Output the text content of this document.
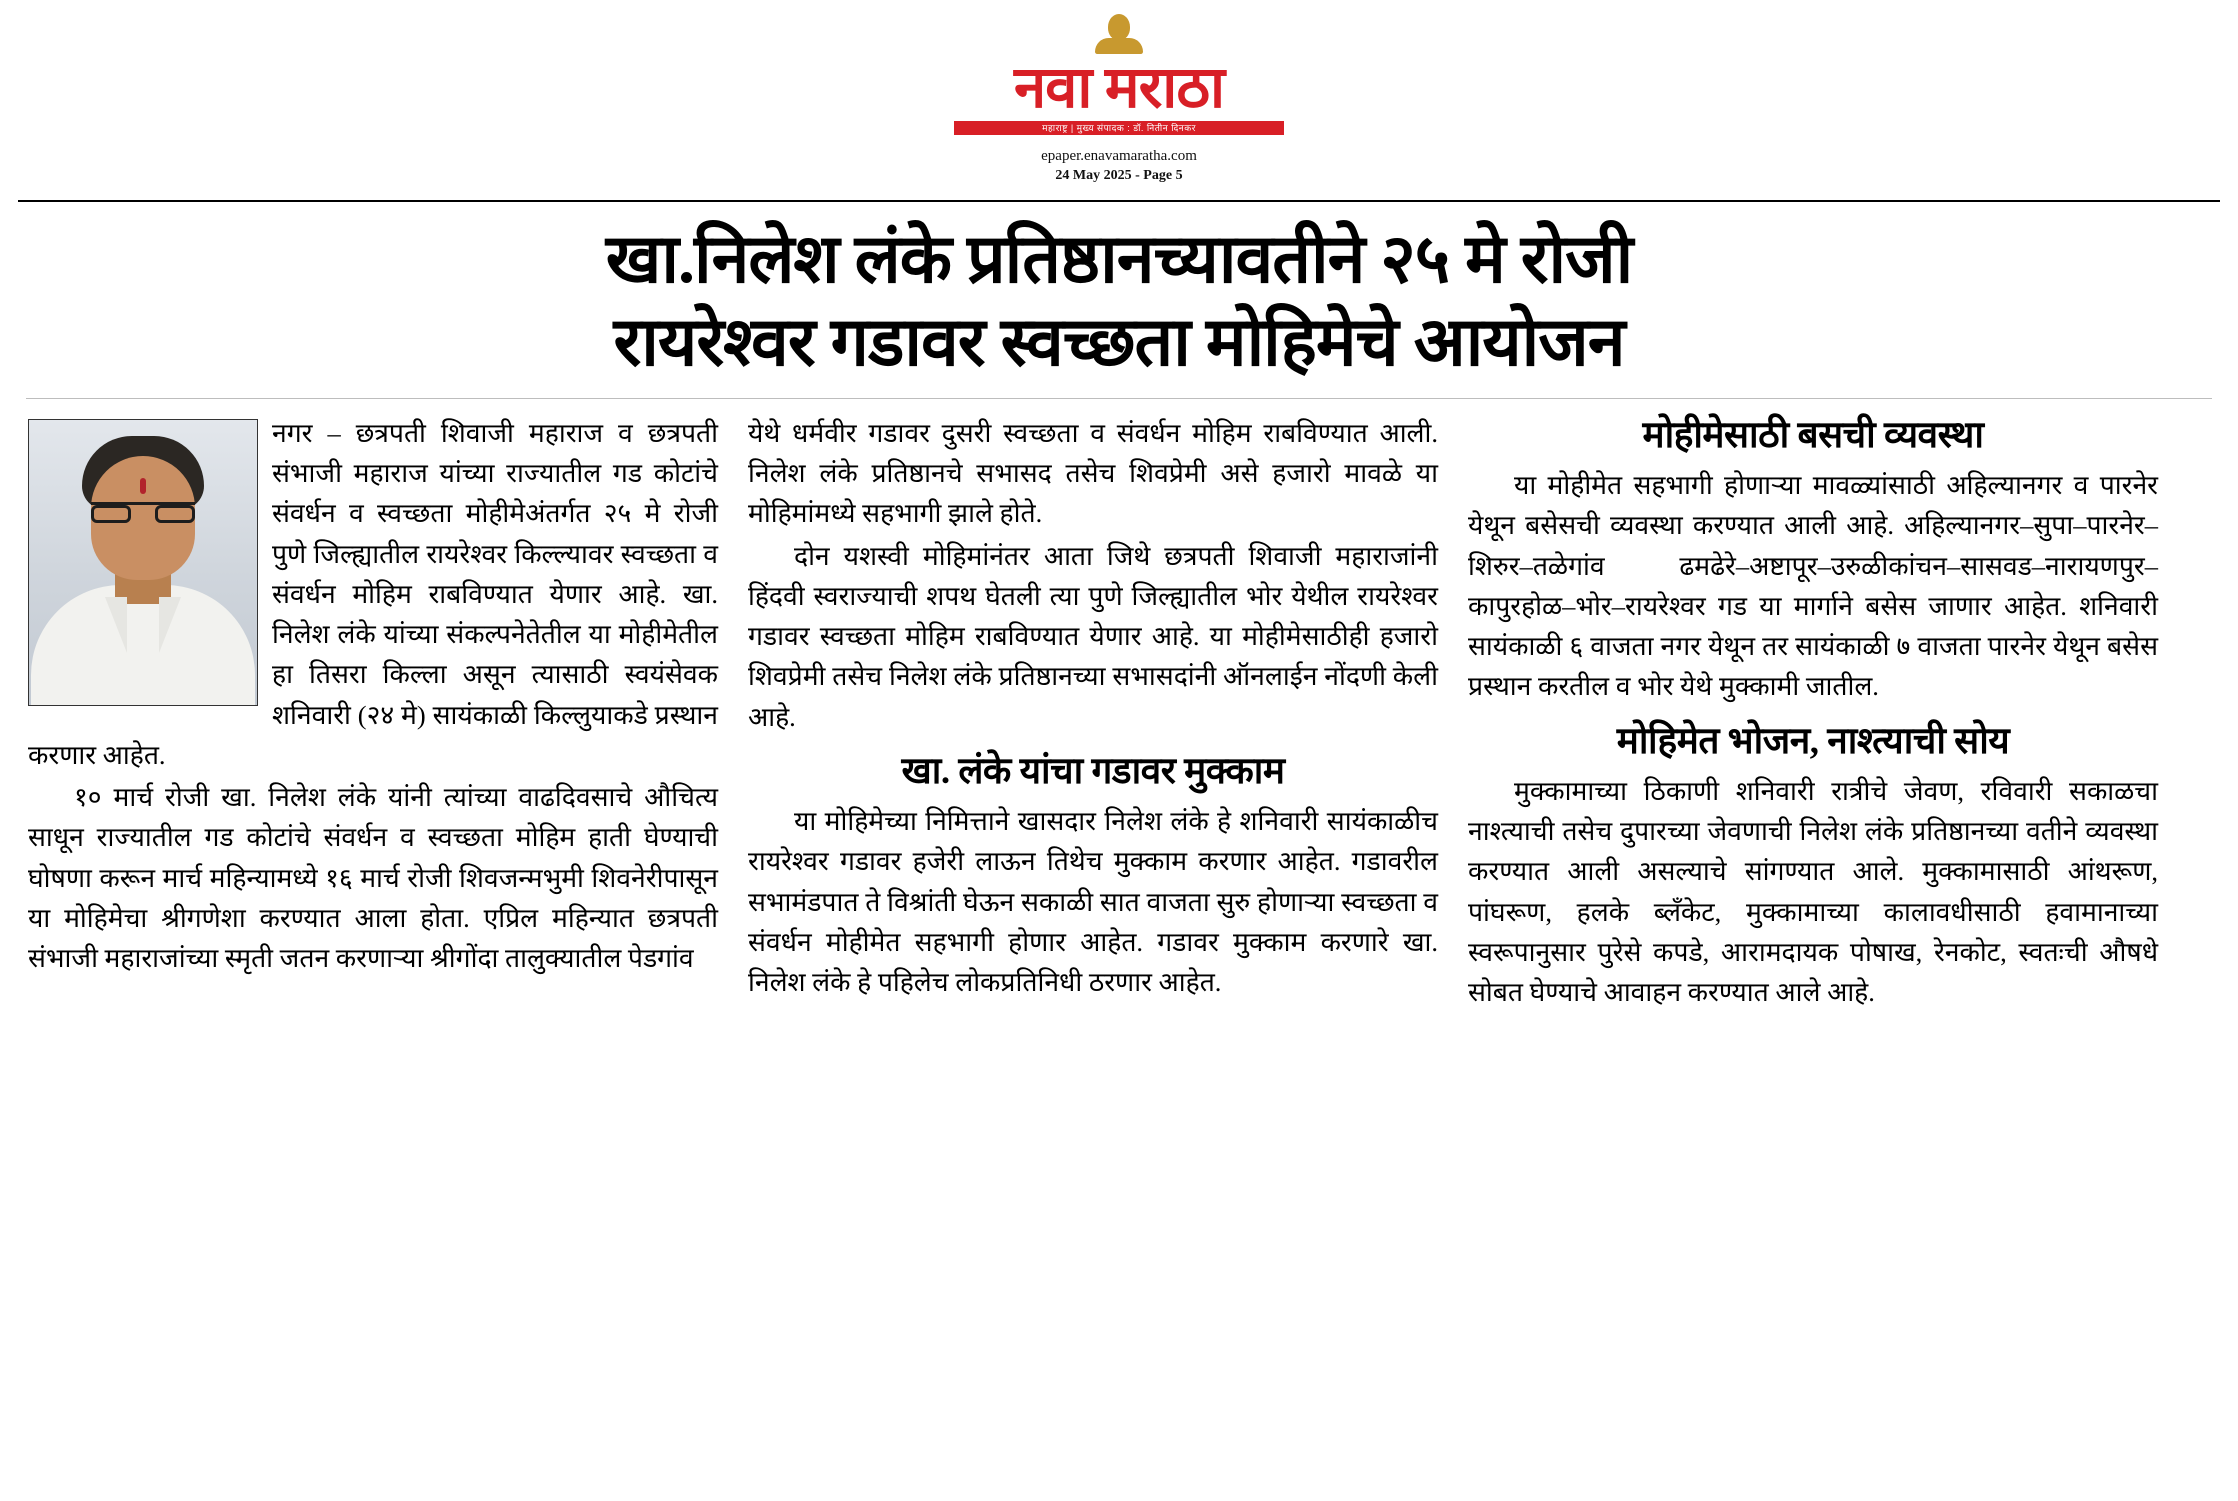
नवा मराठा
महाराष्ट्र | मुख्य संपादक : डॉ. नितीन दिनकर
epaper.enavamaratha.com
24 May 2025 - Page 5
खा.निलेश लंके प्रतिष्ठानच्यावतीने २५ मे रोजी
रायरेश्वर गडावर स्वच्छता मोहिमेचे आयोजन

नगर – छत्रपती शिवाजी महाराज व छत्रपती संभाजी महाराज यांच्या राज्यातील गड कोटांचे संवर्धन व स्वच्छता मोहीमेअंतर्गत २५ मे रोजी पुणे जिल्ह्यातील रायरेश्वर किल्ल्यावर स्वच्छता व संवर्धन मोहिम राबविण्यात येणार आहे. खा. निलेश लंके यांच्या संकल्पनेतेतील या मोहीमेतील हा तिसरा किल्ला असून त्यासाठी स्वयंसेवक शनिवारी (२४ मे) सायंकाळी किल्लुयाकडे प्रस्थान करणार आहेत.

१० मार्च रोजी खा. निलेश लंके यांनी त्यांच्या वाढदिवसाचे औचित्य साधून राज्यातील गड कोटांचे संवर्धन व स्वच्छता मोहिम हाती घेण्याची घोषणा करून मार्च महिन्यामध्ये १६ मार्च रोजी शिवजन्मभुमी शिवनेरीपासून या मोहिमेचा श्रीगणेशा करण्यात आला होता. एप्रिल महिन्यात छत्रपती संभाजी महाराजांच्या स्मृती जतन करणाऱ्या श्रीगोंदा तालुक्यातील पेडगांव

येथे धर्मवीर गडावर दुसरी स्वच्छता व संवर्धन मोहिम राबविण्यात आली. निलेश लंके प्रतिष्ठानचे सभासद तसेच शिवप्रेमी असे हजारो मावळे या मोहिमांमध्ये सहभागी झाले होते.

दोन यशस्वी मोहिमांनंतर आता जिथे छत्रपती शिवाजी महाराजांनी हिंदवी स्वराज्याची शपथ घेतली त्या पुणे जिल्ह्यातील भोर येथील रायरेश्वर गडावर स्वच्छता मोहिम राबविण्यात येणार आहे. या मोहीमेसाठीही हजारो शिवप्रेमी तसेच निलेश लंके प्रतिष्ठानच्या सभासदांनी ऑनलाईन नोंदणी केली आहे.

खा. लंके यांचा गडावर मुक्काम

या मोहिमेच्या निमित्ताने खासदार निलेश लंके हे शनिवारी सायंकाळीच रायरेश्वर गडावर हजेरी लाऊन तिथेच मुक्काम करणार आहेत. गडावरील सभामंडपात ते विश्रांती घेऊन सकाळी सात वाजता सुरु होणाऱ्या स्वच्छता व संवर्धन मोहीमेत सहभागी होणार आहेत. गडावर मुक्काम करणारे खा. निलेश लंके हे पहिलेच लोकप्रतिनिधी ठरणार आहेत.

मोहीमेसाठी बसची व्यवस्था

या मोहीमेत सहभागी होणाऱ्या मावळ्यांसाठी अहिल्यानगर व पारनेर येथून बसेसची व्यवस्था करण्यात आली आहे. अहिल्यानगर–सुपा–पारनेर–शिरुर–तळेगांव ढमढेरे–अष्टापूर–उरुळीकांचन–सासवड–नारायणपुर–कापुरहोळ–भोर–रायरेश्वर गड या मार्गाने बसेस जाणार आहेत. शनिवारी सायंकाळी ६ वाजता नगर येथून तर सायंकाळी ७ वाजता पारनेर येथून बसेस प्रस्थान करतील व भोर येथे मुक्कामी जातील.

मोहिमेत भोजन, नाश्त्याची सोय

मुक्कामाच्या ठिकाणी शनिवारी रात्रीचे जेवण, रविवारी सकाळचा नाश्त्याची तसेच दुपारच्या जेवणाची निलेश लंके प्रतिष्ठानच्या वतीने व्यवस्था करण्यात आली असल्याचे सांगण्यात आले. मुक्कामासाठी आंथरूण, पांघरूण, हलके ब्लॅंकेट, मुक्कामाच्या कालावधीसाठी हवामानाच्या स्वरूपानुसार पुरेसे कपडे, आरामदायक पोषाख, रेनकोट, स्वतःची औषधे सोबत घेण्याचे आवाहन करण्यात आले आहे.
